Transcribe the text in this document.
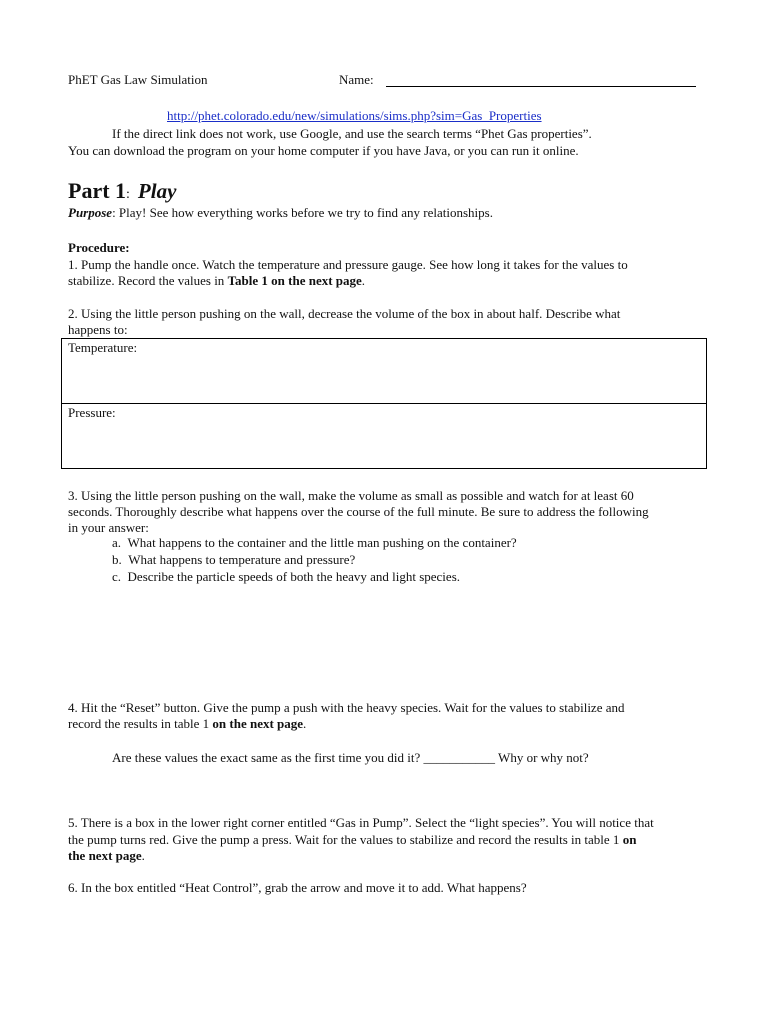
PhET Gas Law Simulation	Name:
http://phet.colorado.edu/new/simulations/sims.php?sim=Gas_Properties
If the direct link does not work, use Google, and use the search terms “Phet Gas properties”.
You can download the program on your home computer if you have Java, or you can run it online.
Part 1: Play
Purpose: Play! See how everything works before we try to find any relationships.
Procedure:
1. Pump the handle once. Watch the temperature and pressure gauge. See how long it takes for the values to
stabilize. Record the values in Table 1 on the next page.
2. Using the little person pushing on the wall, decrease the volume of the box in about half. Describe what
happens to:
Temperature:
Pressure:
3. Using the little person pushing on the wall, make the volume as small as possible and watch for at least 60
seconds. Thoroughly describe what happens over the course of the full minute. Be sure to address the following
in your answer:
a. What happens to the container and the little man pushing on the container?
b. What happens to temperature and pressure?
c. Describe the particle speeds of both the heavy and light species.
4. Hit the “Reset” button. Give the pump a push with the heavy species. Wait for the values to stabilize and
record the results in table 1 on the next page.
Are these values the exact same as the first time you did it? ___________ Why or why not?
5. There is a box in the lower right corner entitled “Gas in Pump”. Select the “light species”. You will notice that
the pump turns red. Give the pump a press. Wait for the values to stabilize and record the results in table 1 on
the next page.
6. In the box entitled “Heat Control”, grab the arrow and move it to add. What happens?
